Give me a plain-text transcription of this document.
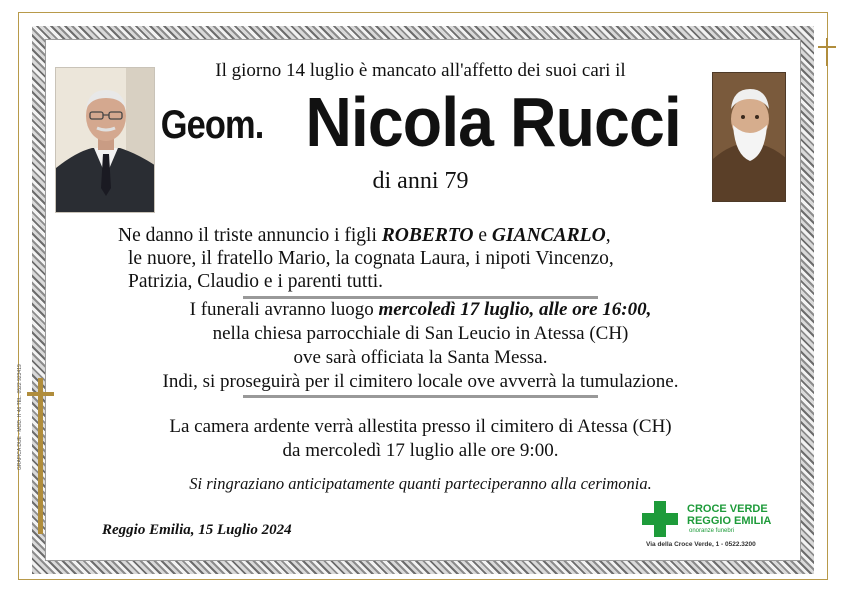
GRAFICA DUE - MOD. H 46 TEL. 0522 923419
Il giorno 14 luglio è mancato all'affetto dei suoi cari il
Geom. Nicola Rucci
di anni 79
Ne danno il triste annuncio i figli ROBERTO e GIANCARLO,
le nuore, il fratello Mario, la cognata Laura, i nipoti Vincenzo,
Patrizia, Claudio e i parenti tutti.
I funerali avranno luogo mercoledì 17 luglio, alle ore 16:00,
nella chiesa parrocchiale di San Leucio in Atessa (CH)
ove sarà officiata la Santa Messa.
Indi, si proseguirà per il cimitero locale ove avverrà la tumulazione.
La camera ardente verrà allestita presso il cimitero di Atessa (CH)
da mercoledì 17 luglio alle ore 9:00.
Si ringraziano anticipatamente quanti parteciperanno alla cerimonia.
Reggio Emilia, 15 Luglio 2024
CROCE VERDE
REGGIO EMILIA
onoranze funebri
Via della Croce Verde, 1 - 0522.3200
